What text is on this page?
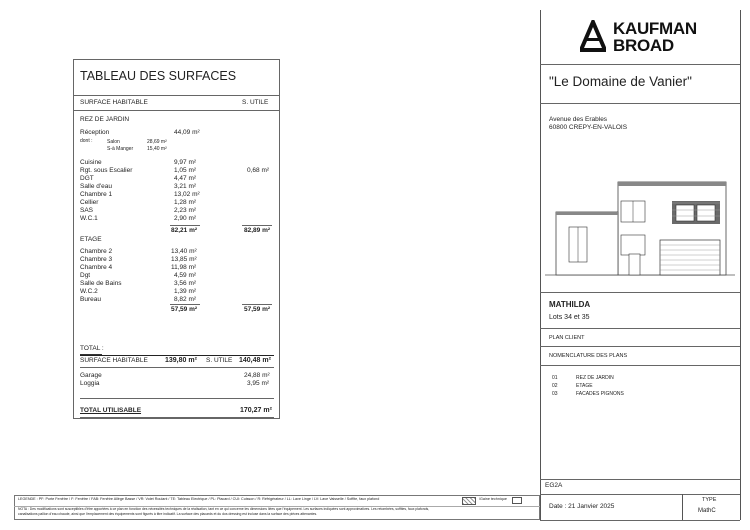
TABLEAU DES SURFACES
SURFACE HABITABLE	S. UTILE
REZ DE JARDIN
Réception	44,09 m²
dont :	Salon	28,69 m²
S-à Manger	15,40 m²
Cuisine	9,97 m²
Rgt. sous Escalier	1,05 m²	0,68 m²
DGT	4,47 m²
Salle d'eau	3,21 m²
Chambre 1	13,02 m²
Cellier	1,28 m²
SAS	2,23 m²
W.C.1	2,90 m²
82,21 m²	82,89 m²
ETAGE
Chambre 2	13,40 m²
Chambre 3	13,85 m²
Chambre 4	11,98 m²
Dgt	4,59 m²
Salle de Bains	3,56 m²
W.C.2	1,39 m²
Bureau	8,82 m²
57,59 m²	57,59 m²
TOTAL :
SURFACE HABITABLE 139,80 m² S. UTILE 140,48 m²
Garage	24,88 m²
Loggia	3,95 m²
TOTAL UTILISABLE	170,27 m²
KAUFMAN
BROAD
"Le Domaine de Vanier"
Avenue des Erables
60800 CREPY-EN-VALOIS
MATHILDA
Lots 34 et 35
PLAN CLIENT
NOMENCLATURE DES PLANS
01	REZ DE JARDIN
02	ETAGE
03	FACADES PIGNONS
EG2A
Date : 21 Janvier 2025
TYPE
MathC
LEGENDE : PF: Porte Fenêtre / F: Fenêtre / FAB: Fenêtre Allège Basse / VR: Volet Roulant / TE: Tableau Electrique / PL: Placard / CUI: Cuisson / R: Réfrigérateur / LL: Lave Linge / LV: Lave Vaisselle / Soffite, faux plafond	/Gaine technique
NOTA : Des modifications sont susceptibles d'être apportées à ce plan en fonction des nécessités techniques de la réalisation, tant en ce qui concerne les dimensions liées que l'équipement. Les surfaces indiquées sont approximatives. Les retombées, soffites, faux plafonds,
canalisations pallion d'eau chaude, ainsi que l'emplacement des équipements sont figurés à titre indicatif. La surface des placards et du dos dressing est incluse dans la surface des pièces attenantes.
